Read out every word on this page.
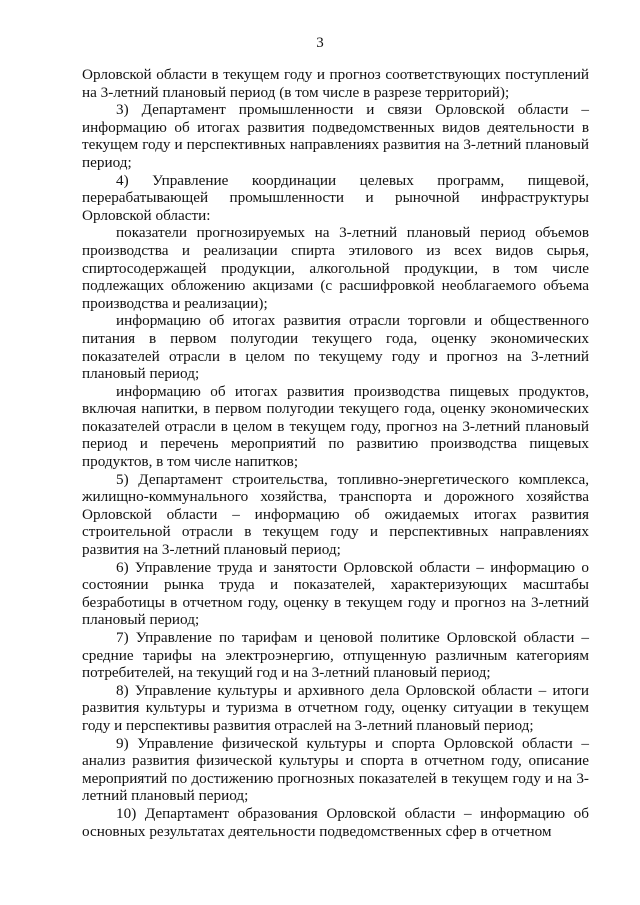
3

Орловской области в текущем году и прогноз соответствующих поступлений на 3-летний плановый период (в том числе в разрезе территорий);

3) Департамент промышленности и связи Орловской области – информацию об итогах развития подведомственных видов деятельности в текущем году и перспективных направлениях развития на 3-летний плановый период;

4) Управление координации целевых программ, пищевой, перерабатывающей промышленности и рыночной инфраструктуры Орловской области:

показатели прогнозируемых на 3-летний плановый период объемов производства и реализации спирта этилового из всех видов сырья, спиртосодержащей продукции, алкогольной продукции, в том числе подлежащих обложению акцизами (с расшифровкой необлагаемого объема производства и реализации);

информацию об итогах развития отрасли торговли и общественного питания в первом полугодии текущего года, оценку экономических показателей отрасли в целом по текущему году и прогноз на 3-летний плановый период;

информацию об итогах развития производства пищевых продуктов, включая напитки, в первом полугодии текущего года, оценку экономических показателей отрасли в целом в текущем году, прогноз на 3-летний плановый период и перечень мероприятий по развитию производства пищевых продуктов, в том числе напитков;

5) Департамент строительства, топливно-энергетического комплекса, жилищно-коммунального хозяйства, транспорта и дорожного хозяйства Орловской области – информацию об ожидаемых итогах развития строительной отрасли в текущем году и перспективных направлениях развития на 3-летний плановый период;

6) Управление труда и занятости Орловской области – информацию о состоянии рынка труда и показателей, характеризующих масштабы безработицы в отчетном году, оценку в текущем году и прогноз на 3-летний плановый период;

7) Управление по тарифам и ценовой политике Орловской области – средние тарифы на электроэнергию, отпущенную различным категориям потребителей, на текущий год и на 3-летний плановый период;

8) Управление культуры и архивного дела Орловской области – итоги развития культуры и туризма в отчетном году, оценку ситуации в текущем году и перспективы развития отраслей на 3-летний плановый период;

9) Управление физической культуры и спорта Орловской области – анализ развития физической культуры и спорта в отчетном году, описание мероприятий по достижению прогнозных показателей в текущем году и на 3-летний плановый период;

10) Департамент образования Орловской области – информацию об основных результатах деятельности подведомственных сфер в отчетном
